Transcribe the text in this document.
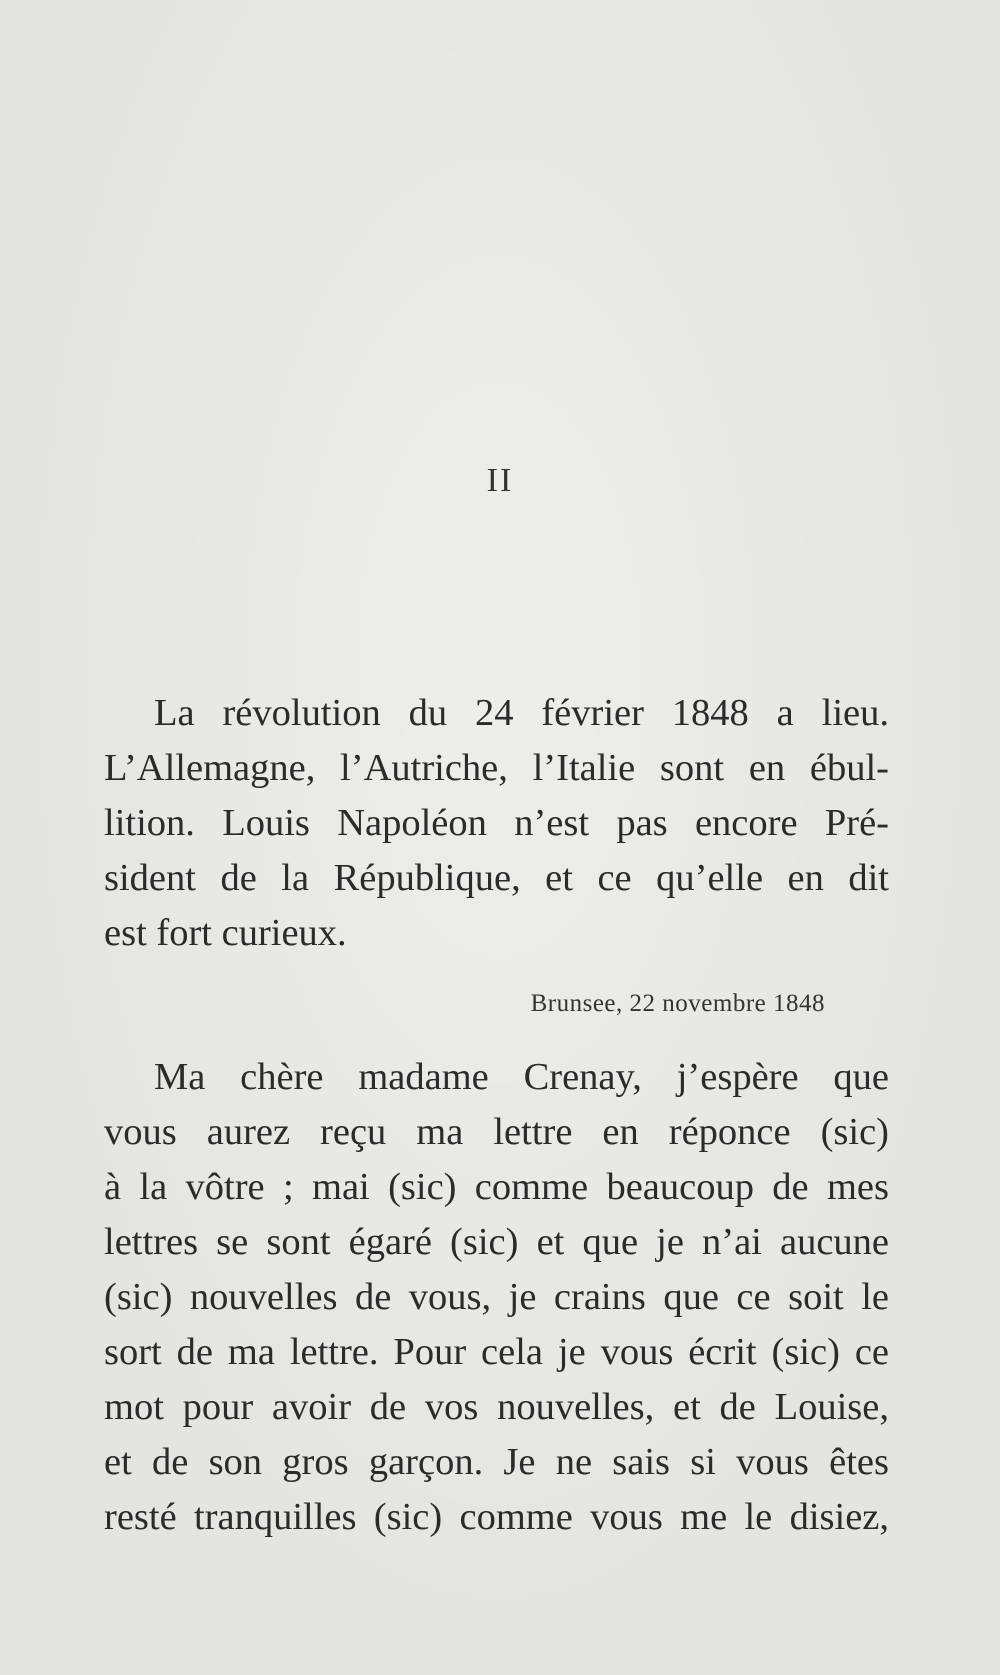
II
La révolution du 24 février 1848 a lieu.
L’Allemagne, l’Autriche, l’Italie sont en ébul-
lition. Louis Napoléon n’est pas encore Pré-
sident de la République, et ce qu’elle en dit
est fort curieux.
Brunsee, 22 novembre 1848
Ma chère madame Crenay, j’espère que
vous aurez reçu ma lettre en réponce (sic)
à la vôtre ; mai (sic) comme beaucoup de mes
lettres se sont égaré (sic) et que je n’ai aucune
(sic) nouvelles de vous, je crains que ce soit le
sort de ma lettre. Pour cela je vous écrit (sic) ce
mot pour avoir de vos nouvelles, et de Louise,
et de son gros garçon. Je ne sais si vous êtes
resté tranquilles (sic) comme vous me le disiez,
